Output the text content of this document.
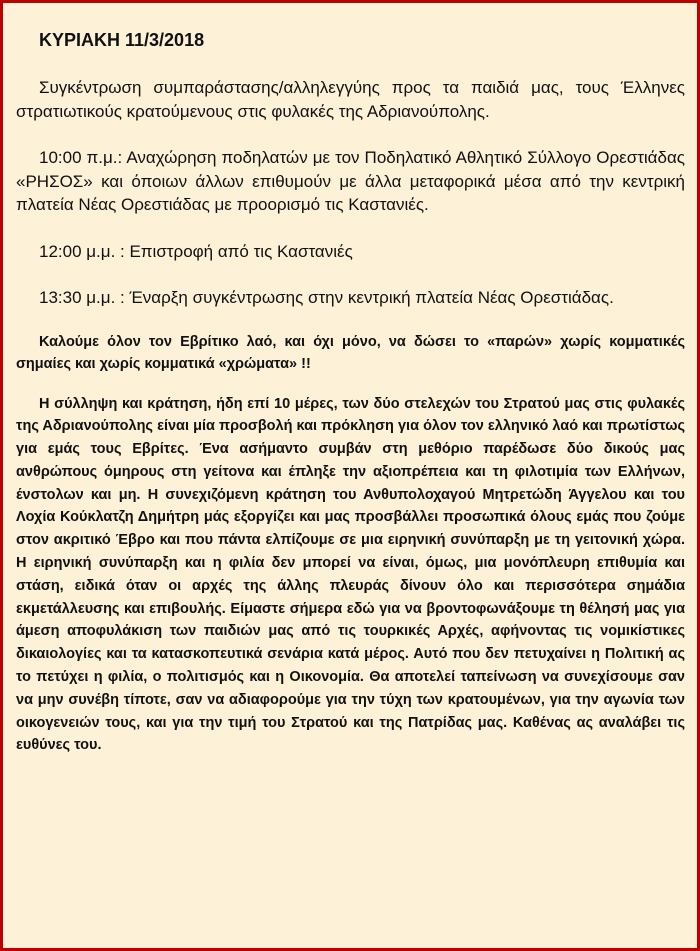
ΚΥΡΙΑΚΗ 11/3/2018

Συγκέντρωση συμπαράστασης/αλληλεγγύης προς τα παιδιά μας, τους Έλληνες στρατιωτικούς κρατούμενους στις φυλακές της Αδριανούπολης.

10:00 π.μ.: Αναχώρηση ποδηλατών με τον Ποδηλατικό Αθλητικό Σύλλογο Ορεστιάδας «ΡΗΣΟΣ» και όποιων άλλων επιθυμούν με άλλα μεταφορικά μέσα από την κεντρική πλατεία Νέας Ορεστιάδας με προορισμό τις Καστανιές.

12:00 μ.μ. : Επιστροφή από τις Καστανιές

13:30 μ.μ. : Έναρξη συγκέντρωσης στην κεντρική πλατεία Νέας Ορεστιάδας.

Καλούμε όλον τον Εβρίτικο λαό, και όχι μόνο, να δώσει το «παρών» χωρίς κομματικές σημαίες και χωρίς κομματικά «χρώματα» !!

Η σύλληψη και κράτηση, ήδη επί 10 μέρες, των δύο στελεχών του Στρατού μας στις φυλακές της Αδριανούπολης είναι μία προσβολή και πρόκληση για όλον τον ελληνικό λαό και πρωτίστως για εμάς τους Εβρίτες. Ένα ασήμαντο συμβάν στη μεθόριο παρέδωσε δύο δικούς μας ανθρώπους όμηρους στη γείτονα και έπληξε την αξιοπρέπεια και τη φιλοτιμία των Ελλήνων, ένστολων και μη. Η συνεχιζόμενη κράτηση του Ανθυπολοχαγού Μητρετώδη Άγγελου και του Λοχία Κούκλατζη Δημήτρη μάς εξοργίζει και μας προσβάλλει προσωπικά όλους εμάς που ζούμε στον ακριτικό Έβρο και που πάντα ελπίζουμε σε μια ειρηνική συνύπαρξη με τη γειτονική χώρα. Η ειρηνική συνύπαρξη και η φιλία δεν μπορεί να είναι, όμως, μια μονόπλευρη επιθυμία και στάση, ειδικά όταν οι αρχές της άλλης πλευράς δίνουν όλο και περισσότερα σημάδια εκμετάλλευσης και επιβουλής. Είμαστε σήμερα εδώ για να βροντοφωνάξουμε τη θέλησή μας για άμεση αποφυλάκιση των παιδιών μας από τις τουρκικές Αρχές, αφήνοντας τις νομικίστικες δικαιολογίες και τα κατασκοπευτικά σενάρια κατά μέρος. Αυτό που δεν πετυχαίνει η Πολιτική ας το πετύχει η φιλία, ο πολιτισμός και η Οικονομία. Θα αποτελεί ταπείνωση να συνεχίσουμε σαν να μην συνέβη τίποτε, σαν να αδιαφορούμε για την τύχη των κρατουμένων, για την αγωνία των οικογενειών τους, και για την τιμή του Στρατού και της Πατρίδας μας. Καθένας ας αναλάβει τις ευθύνες του.
